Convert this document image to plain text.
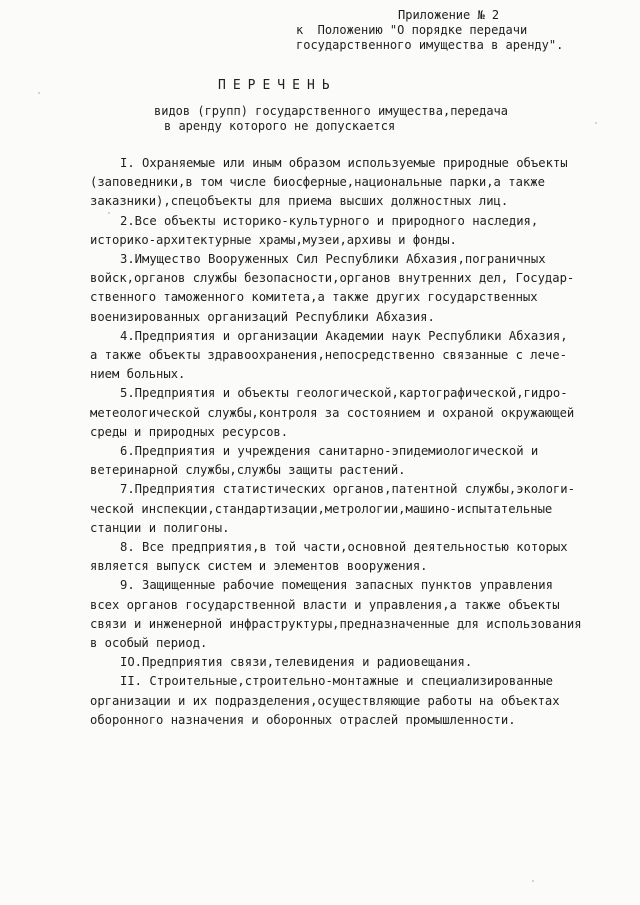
Приложение № 2
к  Положению "О порядке передачи
государственного имущества в аренду".
ПЕРЕЧЕНЬ
видов (групп) государственного имущества,передача
в аренду которого не допускается
I. Охраняемые или иным образом используемые природные объекты
(заповедники,в том числе биосферные,национальные парки,а также
заказники),спецобъекты для приема высших должностных лиц.
2.Все объекты историко-культурного и природного наследия,
историко-архитектурные храмы,музеи,архивы и фонды.
3.Имущество Вооруженных Сил Республики Абхазия,пограничных
войск,органов службы безопасности,органов внутренних дел, Государ-
ственного таможенного комитета,а также других государственных
военизированных организаций Республики Абхазия.
4.Предприятия и организации Академии наук Республики Абхазия,
а также объекты здравоохранения,непосредственно связанные с лече-
нием больных.
5.Предприятия и объекты геологической,картографической,гидро-
метеологической службы,контроля за состоянием и охраной окружающей
среды и природных ресурсов.
6.Предприятия и учреждения санитарно-эпидемиологической и
ветеринарной службы,службы защиты растений.
7.Предприятия статистических органов,патентной службы,экологи-
ческой инспекции,стандартизации,метрологии,машино-испытательные
станции и полигоны.
8. Все предприятия,в той части,основной деятельностью которых
является выпуск систем и элементов вооружения.
9. Защищенные рабочие помещения запасных пунктов управления
всех органов государственной власти и управления,а также объекты
связи и инженерной инфраструктуры,предназначенные для использования
в особый период.
IO.Предприятия связи,телевидения и радиовещания.
II. Строительные,строительно-монтажные и специализированные
организации и их подразделения,осуществляющие работы на объектах
оборонного назначения и оборонных отраслей промышленности.
